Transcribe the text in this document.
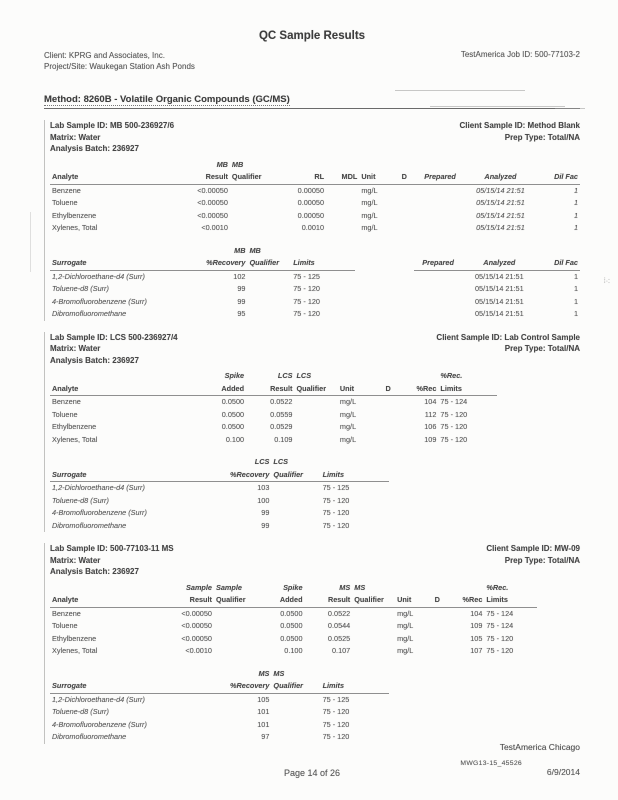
QC Sample Results
Client: KPRG and Associates, Inc.
Project/Site: Waukegan Station Ash Ponds
TestAmerica Job ID: 500-77103-2
Method: 8260B - Volatile Organic Compounds (GC/MS)
Lab Sample ID: MB 500-236927/6
Matrix: Water
Analysis Batch: 236927
Client Sample ID: Method Blank
Prep Type: Total/NA
	MB	MB							
Analyte	Result	Qualifier	RL	MDL	Unit	D	Prepared	Analyzed	Dil Fac
Benzene	<0.00050		0.00050		mg/L			05/15/14 21:51	1
Toluene	<0.00050		0.00050		mg/L			05/15/14 21:51	1
Ethylbenzene	<0.00050		0.00050		mg/L			05/15/14 21:51	1
Xylenes, Total	<0.0010		0.0010		mg/L			05/15/14 21:51	1
	MB	MB					
Surrogate	%Recovery	Qualifier	Limits		Prepared	Analyzed	Dil Fac
1,2-Dichloroethane-d4 (Surr)	102		75 - 125			05/15/14 21:51	1
Toluene-d8 (Surr)	99		75 - 120			05/15/14 21:51	1
4-Bromofluorobenzene (Surr)	99		75 - 120			05/15/14 21:51	1
Dibromofluoromethane	95		75 - 120			05/15/14 21:51	1
Lab Sample ID: LCS 500-236927/4
Matrix: Water
Analysis Batch: 236927
Client Sample ID: Lab Control Sample
Prep Type: Total/NA
	Spike	LCS	LCS				%Rec.	
Analyte	Added	Result	Qualifier	Unit	D	%Rec	Limits	
Benzene	0.0500	0.0522		mg/L		104	75 - 124	
Toluene	0.0500	0.0559		mg/L		112	75 - 120	
Ethylbenzene	0.0500	0.0529		mg/L		106	75 - 120	
Xylenes, Total	0.100	0.109		mg/L		109	75 - 120	
	LCS	LCS	
Surrogate	%Recovery	Qualifier	Limits
1,2-Dichloroethane-d4 (Surr)	103		75 - 125
Toluene-d8 (Surr)	100		75 - 120
4-Bromofluorobenzene (Surr)	99		75 - 120
Dibromofluoromethane	99		75 - 120
Lab Sample ID: 500-77103-11 MS
Matrix: Water
Analysis Batch: 236927
Client Sample ID: MW-09
Prep Type: Total/NA
	Sample	Sample	Spike	MS	MS				%Rec.	
Analyte	Result	Qualifier	Added	Result	Qualifier	Unit	D	%Rec	Limits	
Benzene	<0.00050		0.0500	0.0522		mg/L		104	75 - 124	
Toluene	<0.00050		0.0500	0.0544		mg/L		109	75 - 124	
Ethylbenzene	<0.00050		0.0500	0.0525		mg/L		105	75 - 120	
Xylenes, Total	<0.0010		0.100	0.107		mg/L		107	75 - 120	
	MS	MS	
Surrogate	%Recovery	Qualifier	Limits
1,2-Dichloroethane-d4 (Surr)	105		75 - 125
Toluene-d8 (Surr)	101		75 - 120
4-Bromofluorobenzene (Surr)	101		75 - 120
Dibromofluoromethane	97		75 - 120
⁞·:
TestAmerica Chicago
MWG13-15_45526
Page 14 of 26	6/9/2014
